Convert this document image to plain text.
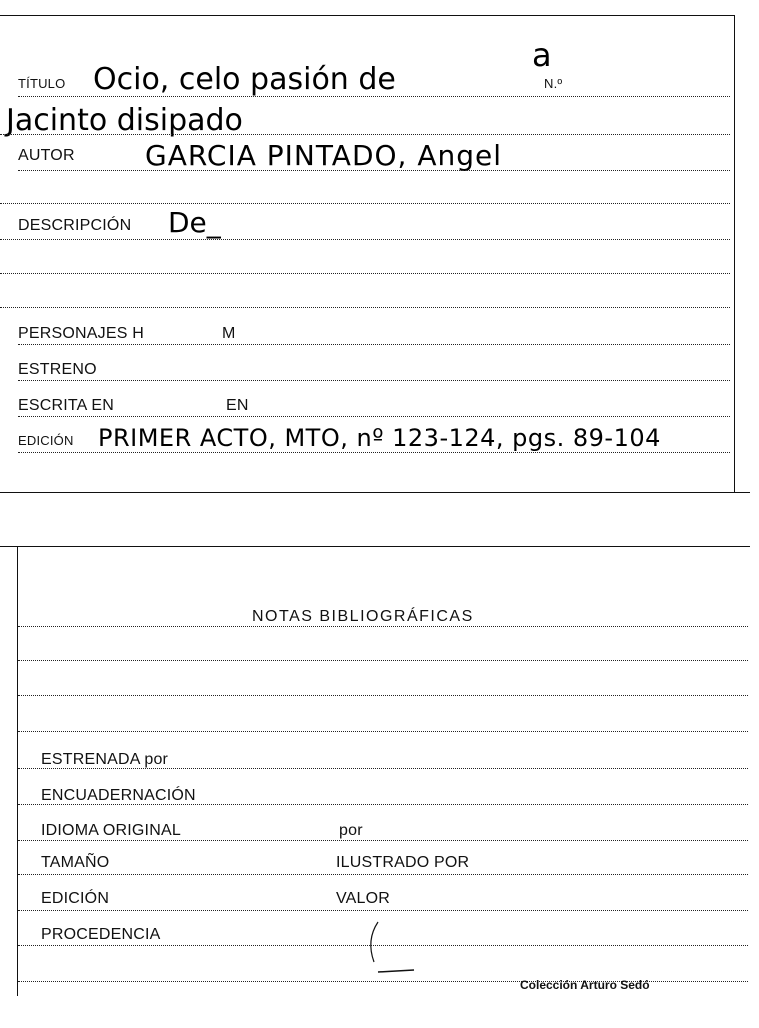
TÍTULO Ocio, celo pasión de
a
N.º
Jacinto disipado
AUTOR	GARCIA PINTADO, Angel
DESCRIPCIÓN De_
PERSONAJES H	M
ESTRENO
ESCRITA EN	EN
EDICIÓN PRIMER ACTO, MTO, nº 123-124, pgs. 89-104
NOTAS BIBLIOGRÁFICAS
ESTRENADA por
ENCUADERNACIÓN
IDIOMA ORIGINAL	por
TAMAÑO	ILUSTRADO POR
EDICIÓN	VALOR
PROCEDENCIA
Colección Arturo Sedó
